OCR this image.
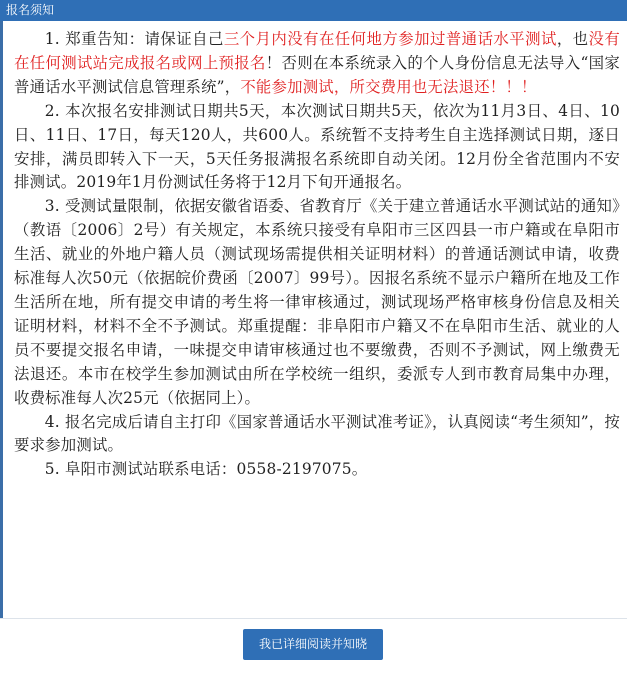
报名须知

1. 郑重告知：请保证自己三个月内没有在任何地方参加过普通话水平测试，也没有在任何测试站完成报名或网上预报名！否则在本系统录入的个人身份信息无法导入“国家普通话水平测试信息管理系统”，不能参加测试，所交费用也无法退还！！！

2. 本次报名安排测试日期共5天，本次测试日期共5天，依次为11月3日、4日、10日、11日、17日，每天120人，共600人。系统暂不支持考生自主选择测试日期，逐日安排，满员即转入下一天，5天任务报满报名系统即自动关闭。12月份全省范围内不安排测试。2019年1月份测试任务将于12月下旬开通报名。

3. 受测试量限制，依据安徽省语委、省教育厅《关于建立普通话水平测试站的通知》（教语〔2006〕2号）有关规定，本系统只接受有阜阳市三区四县一市户籍或在阜阳市生活、就业的外地户籍人员（测试现场需提供相关证明材料）的普通话测试申请，收费标准每人次50元（依据皖价费函〔2007〕99号）。因报名系统不显示户籍所在地及工作生活所在地，所有提交申请的考生将一律审核通过，测试现场严格审核身份信息及相关证明材料，材料不全不予测试。郑重提醒：非阜阳市户籍又不在阜阳市生活、就业的人员不要提交报名申请，一味提交申请审核通过也不要缴费，否则不予测试，网上缴费无法退还。本市在校学生参加测试由所在学校统一组织，委派专人到市教育局集中办理，收费标准每人次25元（依据同上）。

4. 报名完成后请自主打印《国家普通话水平测试准考证》，认真阅读“考生须知”，按要求参加测试。

5. 阜阳市测试站联系电话：0558-2197075。

我已详细阅读并知晓
